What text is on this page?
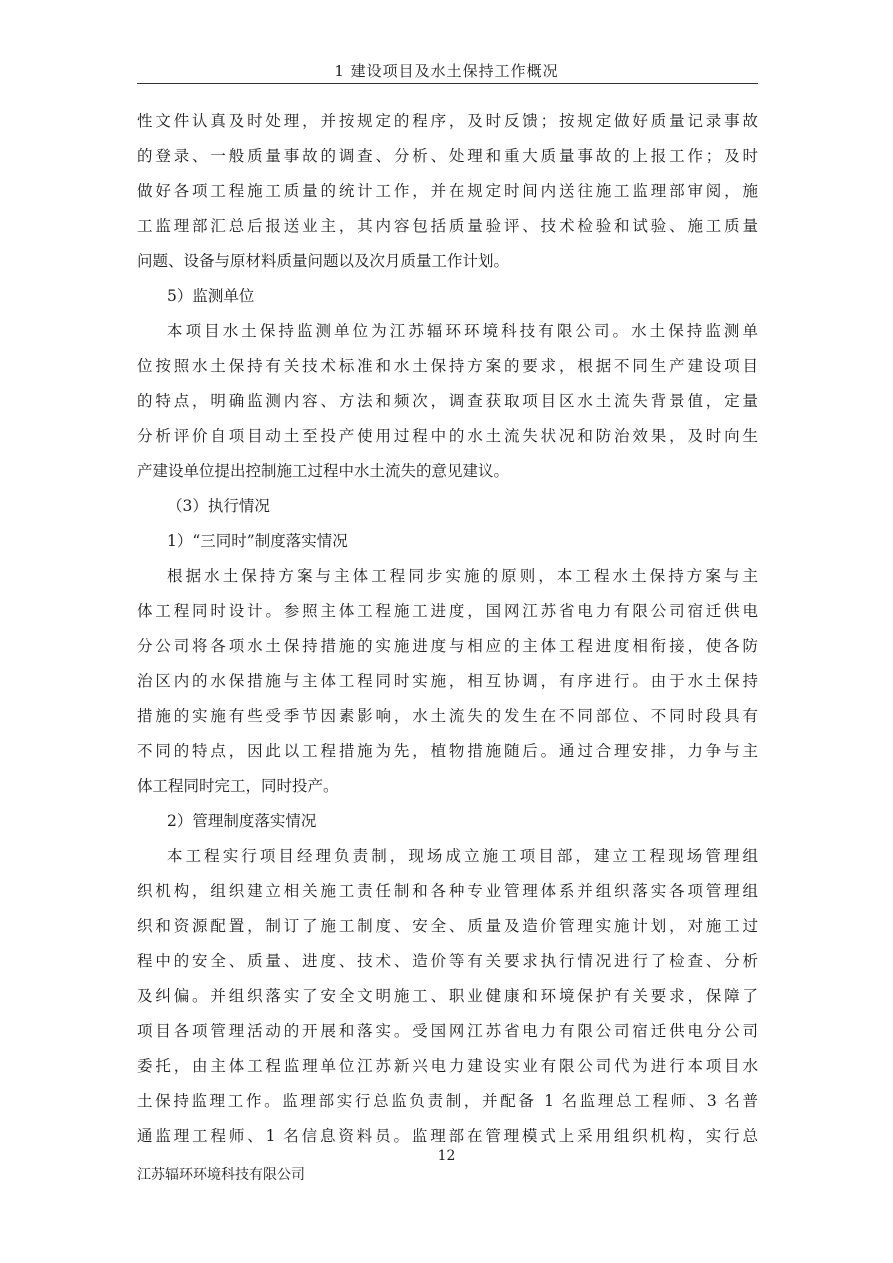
1 建设项目及水土保持工作概况
性文件认真及时处理，并按规定的程序，及时反馈；按规定做好质量记录事故
的登录、一般质量事故的调查、分析、处理和重大质量事故的上报工作；及时
做好各项工程施工质量的统计工作，并在规定时间内送往施工监理部审阅，施
工监理部汇总后报送业主，其内容包括质量验评、技术检验和试验、施工质量
问题、设备与原材料质量问题以及次月质量工作计划。
5）监测单位
本项目水土保持监测单位为江苏辐环环境科技有限公司。水土保持监测单
位按照水土保持有关技术标准和水土保持方案的要求，根据不同生产建设项目
的特点，明确监测内容、方法和频次，调查获取项目区水土流失背景值，定量
分析评价自项目动土至投产使用过程中的水土流失状况和防治效果，及时向生
产建设单位提出控制施工过程中水土流失的意见建议。
（3）执行情况
1）“三同时”制度落实情况
根据水土保持方案与主体工程同步实施的原则，本工程水土保持方案与主
体工程同时设计。参照主体工程施工进度，国网江苏省电力有限公司宿迁供电
分公司将各项水土保持措施的实施进度与相应的主体工程进度相衔接，使各防
治区内的水保措施与主体工程同时实施，相互协调，有序进行。由于水土保持
措施的实施有些受季节因素影响，水土流失的发生在不同部位、不同时段具有
不同的特点，因此以工程措施为先，植物措施随后。通过合理安排，力争与主
体工程同时完工，同时投产。
2）管理制度落实情况
本工程实行项目经理负责制，现场成立施工项目部，建立工程现场管理组
织机构，组织建立相关施工责任制和各种专业管理体系并组织落实各项管理组
织和资源配置，制订了施工制度、安全、质量及造价管理实施计划，对施工过
程中的安全、质量、进度、技术、造价等有关要求执行情况进行了检查、分析
及纠偏。并组织落实了安全文明施工、职业健康和环境保护有关要求，保障了
项目各项管理活动的开展和落实。受国网江苏省电力有限公司宿迁供电分公司
委托，由主体工程监理单位江苏新兴电力建设实业有限公司代为进行本项目水
土保持监理工作。监理部实行总监负责制，并配备 1 名监理总工程师、3 名普
通监理工程师、1 名信息资料员。监理部在管理模式上采用组织机构，实行总
12
江苏辐环环境科技有限公司
